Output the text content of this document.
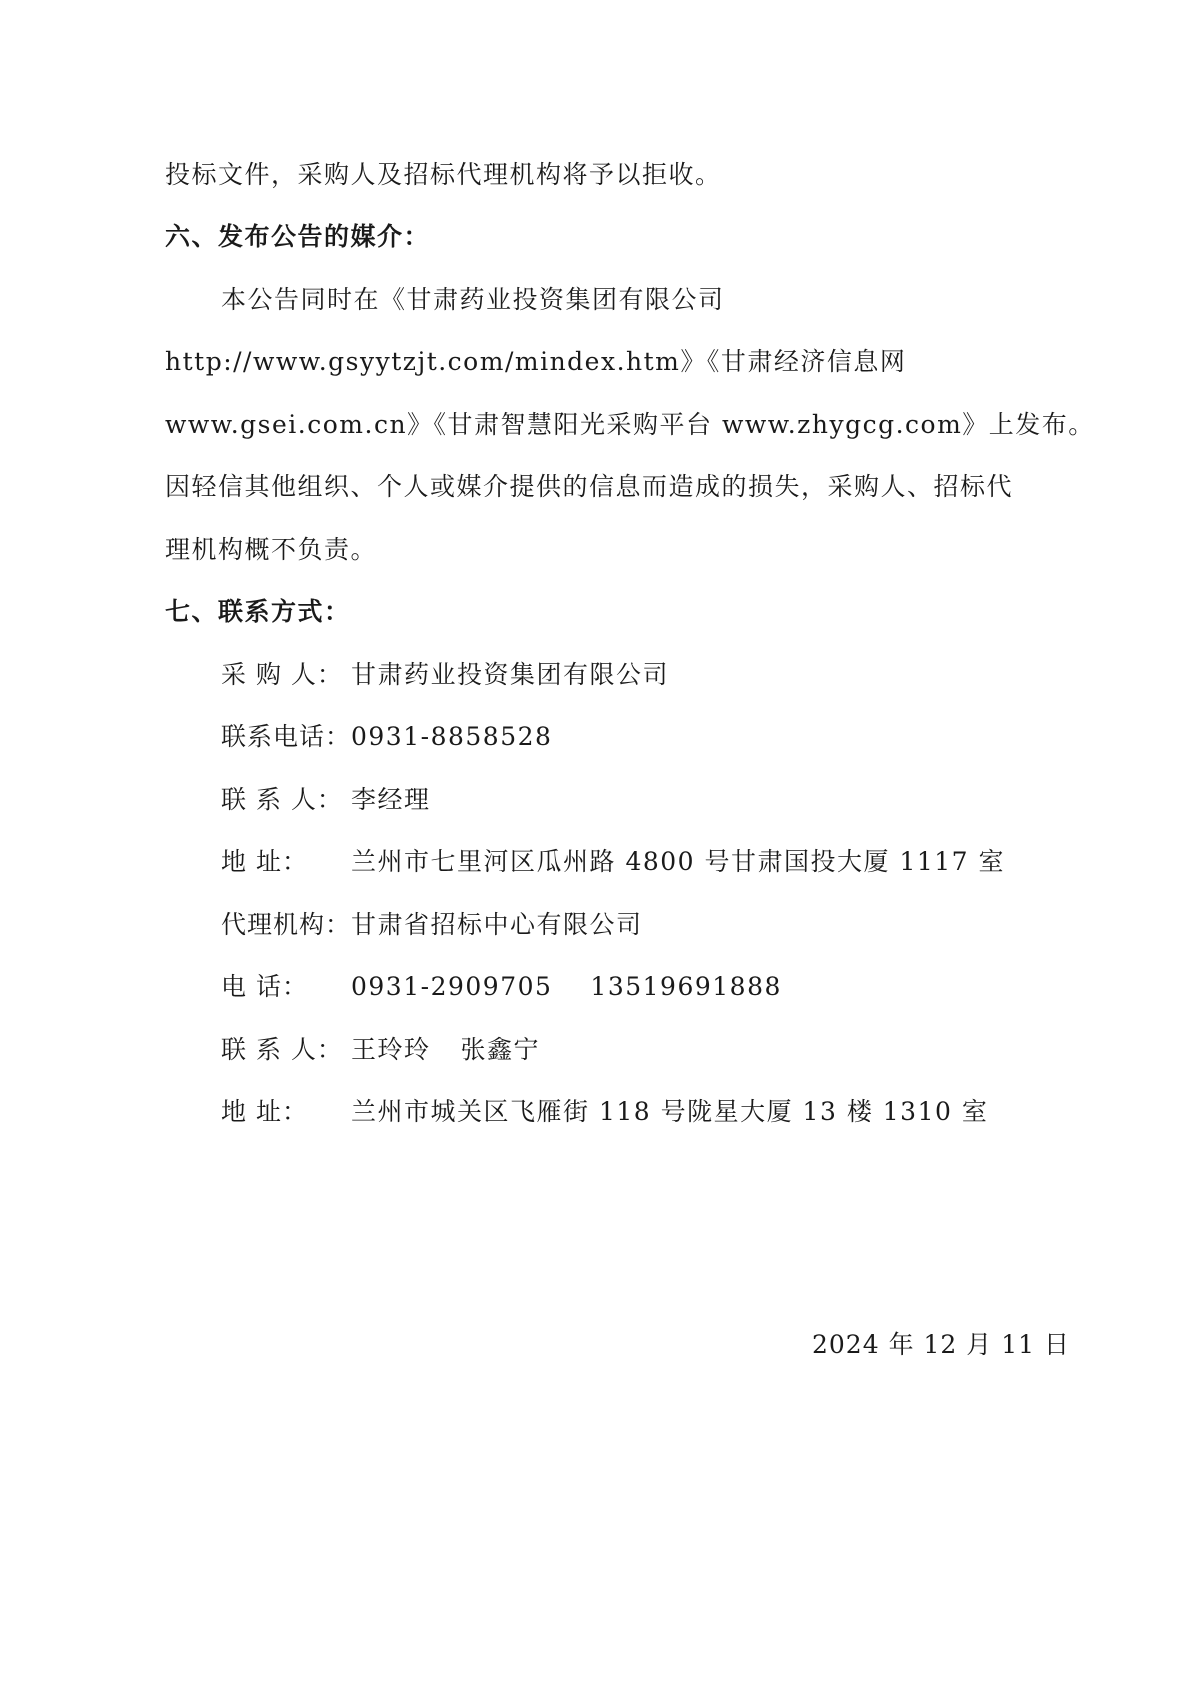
投标文件，采购人及招标代理机构将予以拒收。
六、发布公告的媒介：
本公告同时在《甘肃药业投资集团有限公司
http://www.gsyytzjt.com/mindex.htm》《甘肃经济信息网
www.gsei.com.cn》《甘肃智慧阳光采购平台 www.zhygcg.com》上发布。
因轻信其他组织、个人或媒介提供的信息而造成的损失，采购人、招标代
理机构概不负责。
七、联系方式：
采 购 人： 甘肃药业投资集团有限公司
联系电话：0931-8858528
联 系 人： 李经理
地 址： 兰州市七里河区瓜州路 4800 号甘肃国投大厦 1117 室
代理机构：甘肃省招标中心有限公司
电 话： 0931-2909705 13519691888
联 系 人： 王玲玲 张鑫宁
地 址： 兰州市城关区飞雁街 118 号陇星大厦 13 楼 1310 室
2024 年 12 月 11 日
